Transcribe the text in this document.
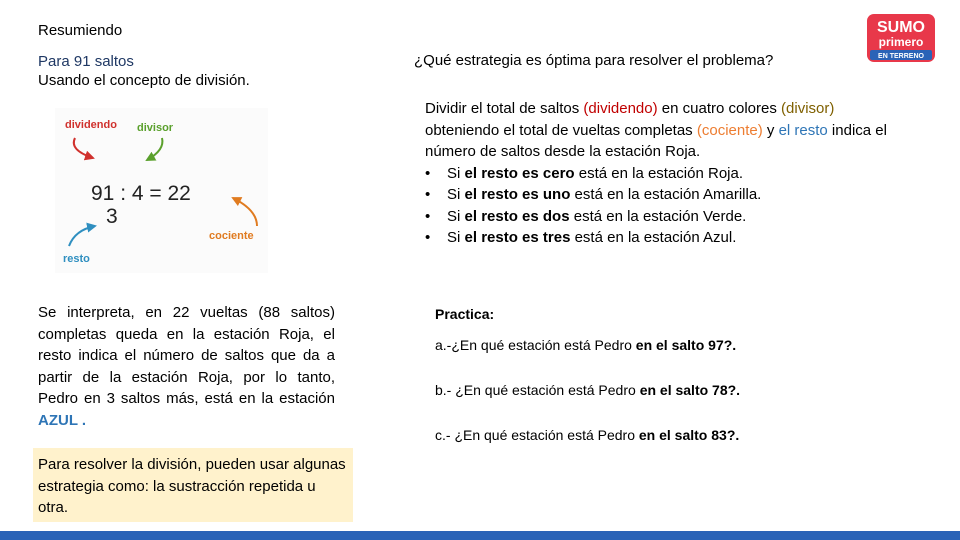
Resumiendo
Para 91 saltos
Usando el concepto de división.
¿Qué estrategia es óptima para resolver el problema?
Dividir el total de saltos (dividendo) en cuatro colores (divisor) obteniendo el total de vueltas completas (cociente) y el resto indica el número de saltos desde la estación Roja.
• Si el resto es cero está en la estación Roja.
• Si el resto es uno está en la estación Amarilla.
• Si el resto es dos está en la estación Verde.
• Si el resto es tres está en la estación Azul.
dividendo divisor
91 : 4 = 22
3
cociente
resto
Se interpreta, en 22 vueltas (88 saltos) completas queda en la estación Roja, el resto indica el número de saltos que da a partir de la estación Roja, por lo tanto, Pedro en 3 saltos más, está en la estación AZUL .

Para resolver la división, pueden usar algunas estrategia como: la sustracción repetida u otra.

Practica:
a.-¿En qué estación está Pedro en el salto 97?.
b.- ¿En qué estación está Pedro en el salto 78?.
c.- ¿En qué estación está Pedro en el salto 83?.
SUMO
primero
EN TERRENO
